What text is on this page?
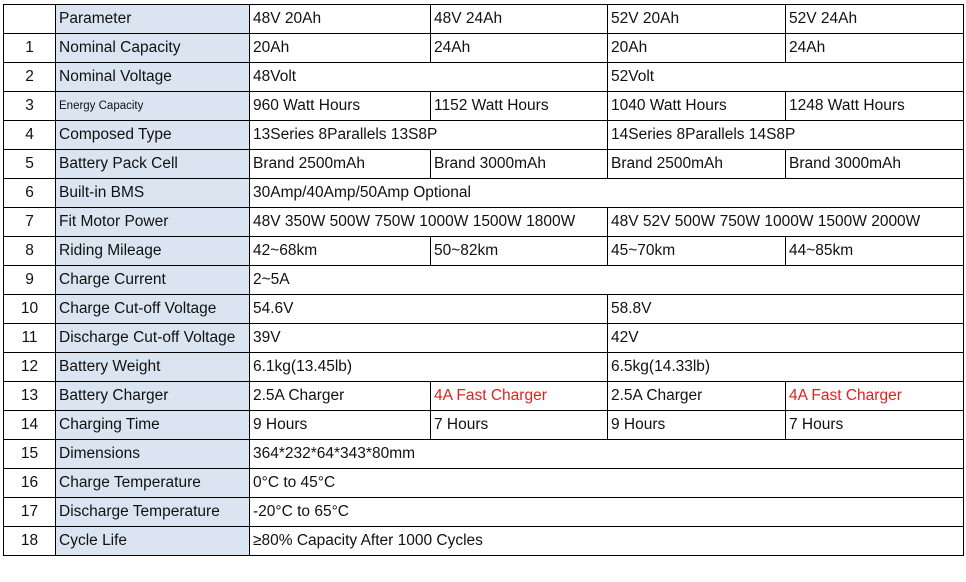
	Parameter	48V 20Ah	48V 24Ah	52V 20Ah	52V 24Ah
1	Nominal Capacity	20Ah	24Ah	20Ah	24Ah
2	Nominal Voltage	48Volt		52Volt	
3	Energy Capacity	960 Watt Hours	1152 Watt Hours	1040 Watt Hours	1248 Watt Hours
4	Composed Type	13Series 8Parallels 13S8P		14Series 8Parallels 14S8P	
5	Battery Pack Cell	Brand 2500mAh	Brand 3000mAh	Brand 2500mAh	Brand 3000mAh
6	Built-in BMS	30Amp/40Amp/50Amp Optional			
7	Fit Motor Power	48V 350W 500W 750W 1000W 1500W 1800W		48V 52V 500W 750W 1000W 1500W 2000W	
8	Riding Mileage	42~68km	50~82km	45~70km	44~85km
9	Charge Current	2~5A			
10	Charge Cut-off Voltage	54.6V		58.8V	
11	Discharge Cut-off Voltage	39V		42V	
12	Battery Weight	6.1kg(13.45lb)		6.5kg(14.33lb)	
13	Battery Charger	2.5A Charger	4A Fast Charger	2.5A Charger	4A Fast Charger
14	Charging Time	9 Hours	7 Hours	9 Hours	7 Hours
15	Dimensions	364*232*64*343*80mm			
16	Charge Temperature	0°C to 45°C			
17	Discharge Temperature	-20°C to 65°C			
18	Cycle Life	≥80% Capacity After 1000 Cycles			
